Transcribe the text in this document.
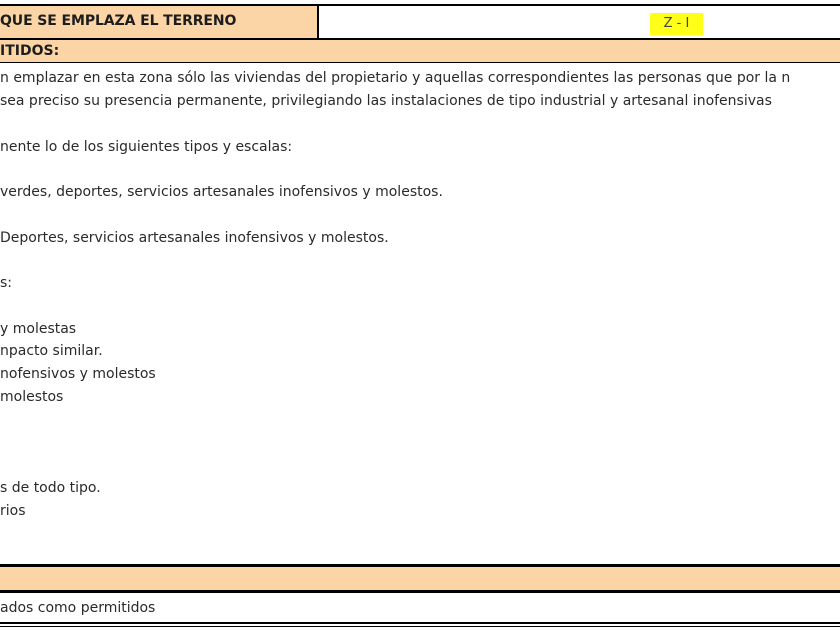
QUE SE EMPLAZA EL TERRENO	Z - I
ITIDOS:
n emplazar en esta zona sólo las viviendas del propietario y aquellas correspondientes las personas que por la n
sea preciso su presencia permanente, privilegiando las instalaciones de tipo industrial y artesanal inofensivas
nente lo de los siguientes tipos y escalas:
verdes, deportes, servicios artesanales inofensivos y molestos.
Deportes, servicios artesanales inofensivos y molestos.
s:
y molestas
npacto similar.
nofensivos y molestos
molestos
s de todo tipo.
rios
ados como permitidos
